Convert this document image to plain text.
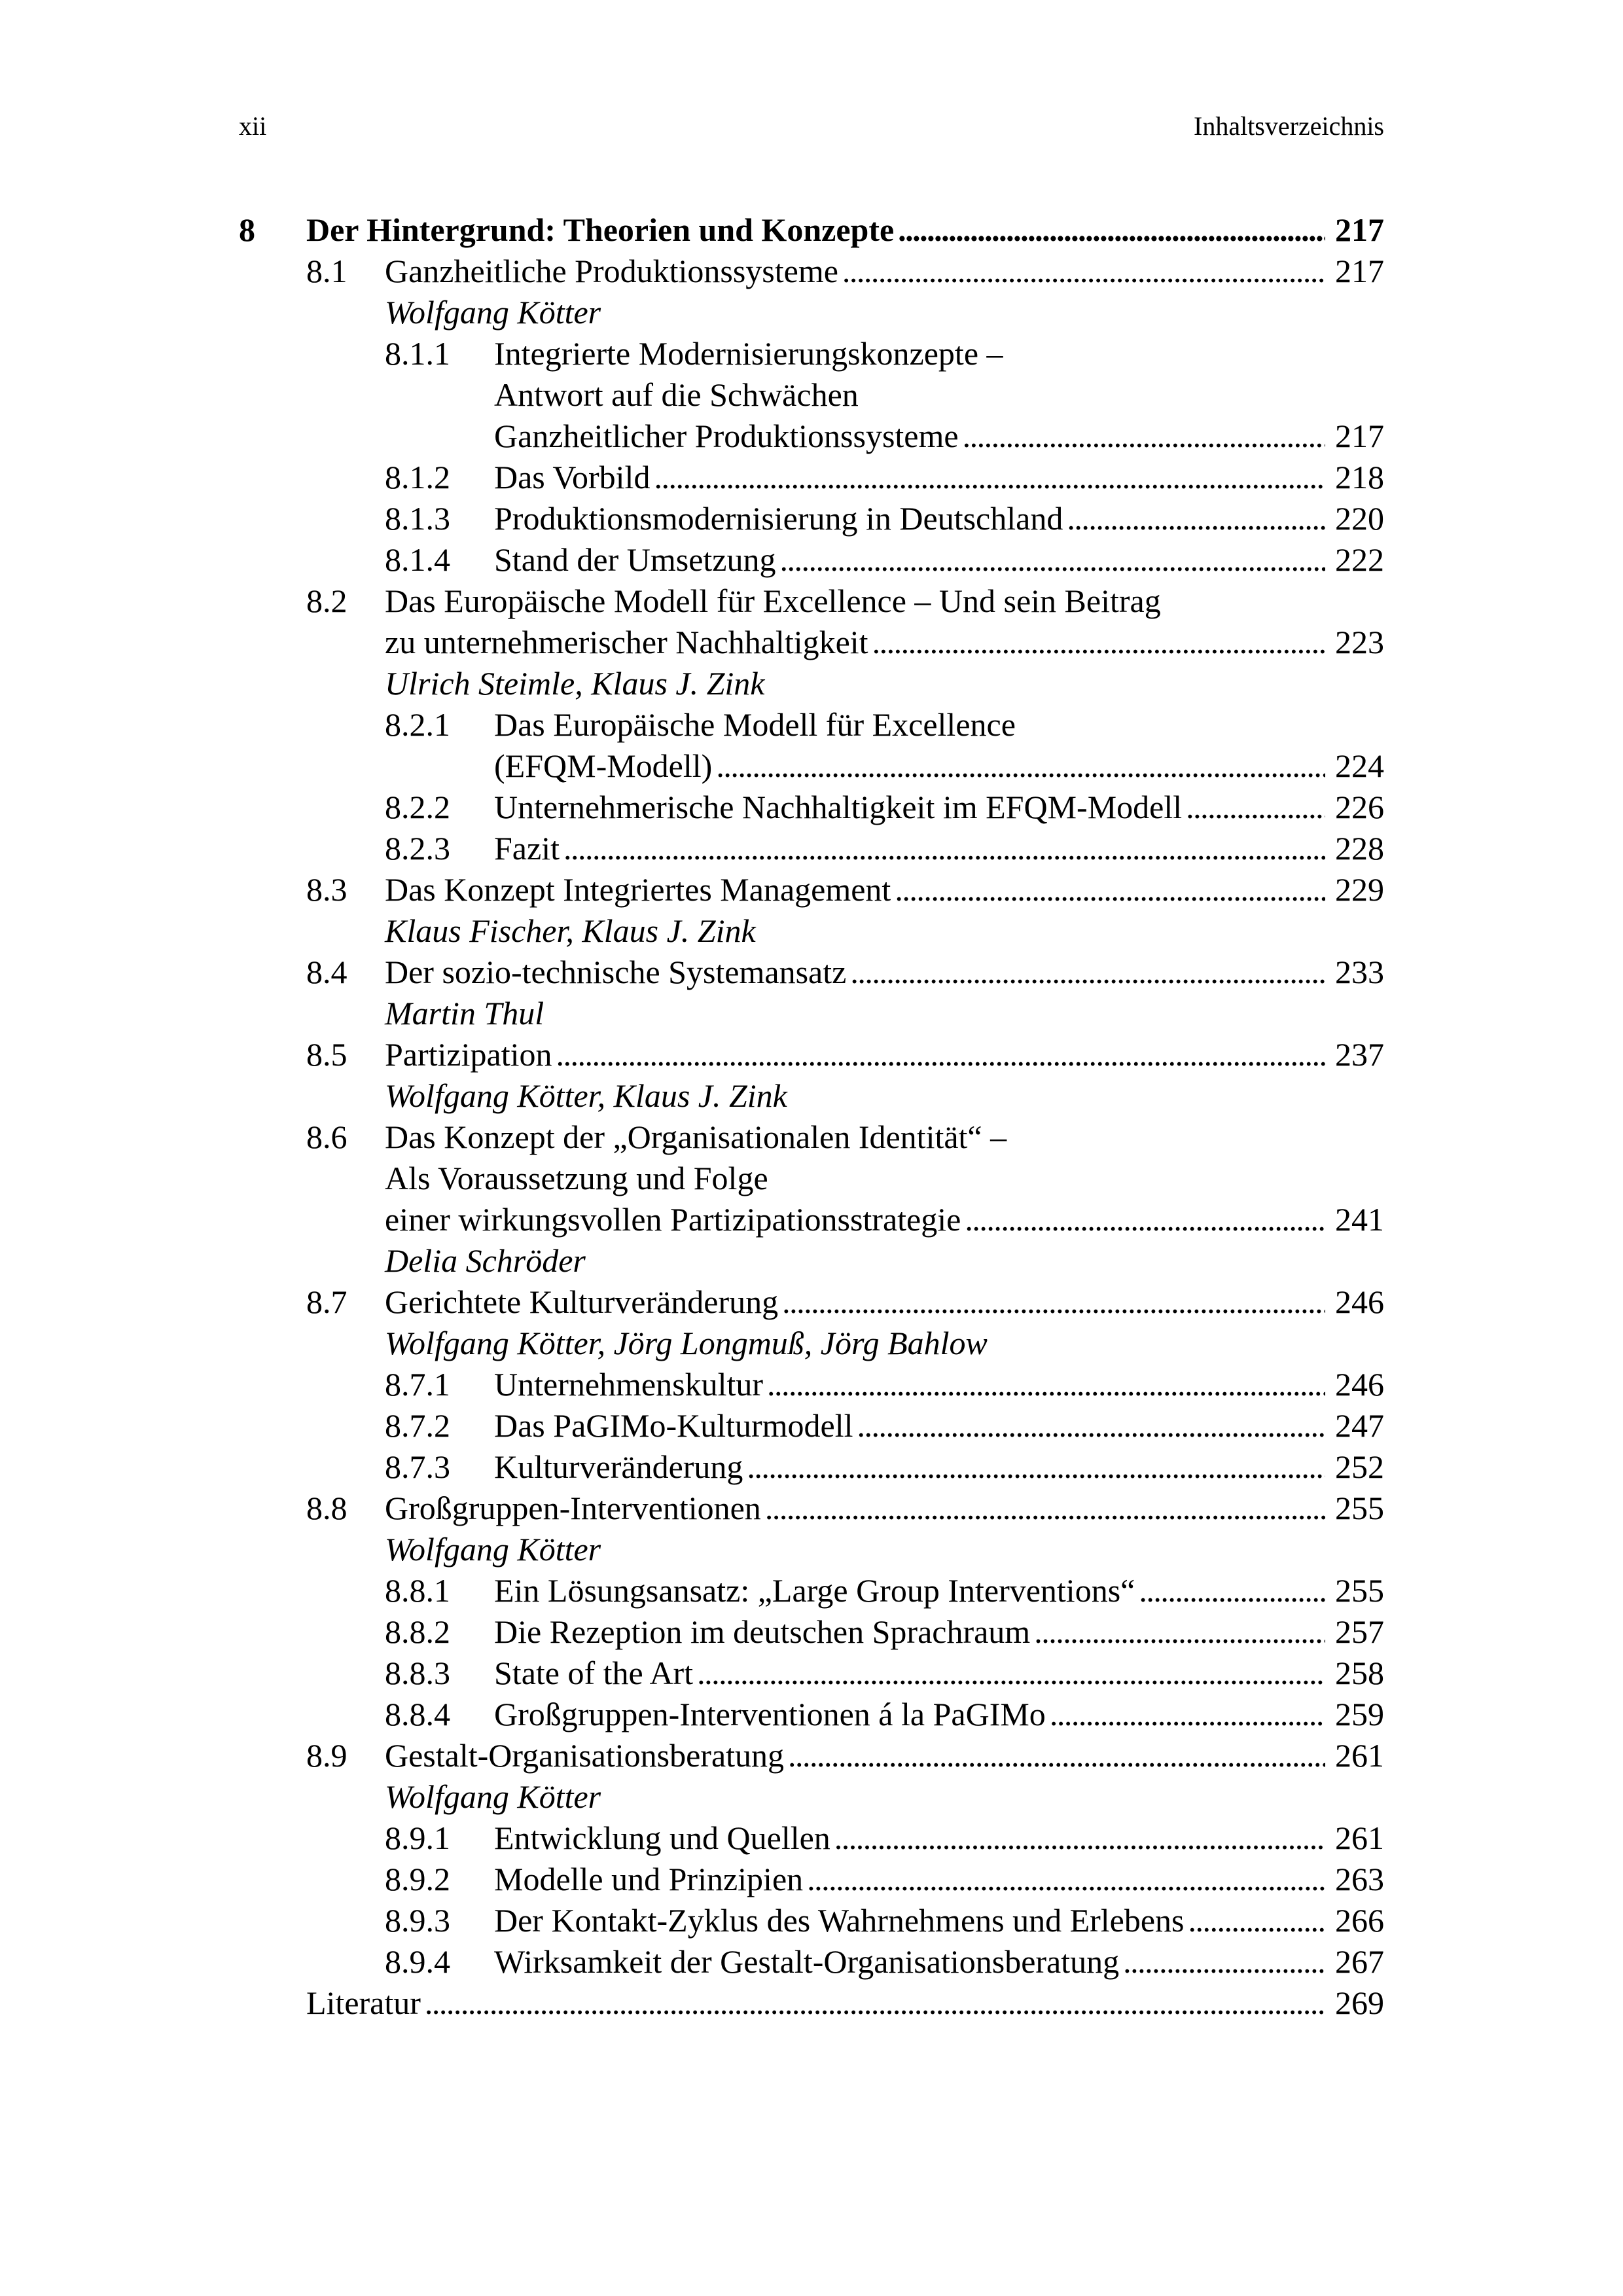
xii	Inhaltsverzeichnis
8 Der Hintergrund: Theorien und Konzepte . . .	217
8.1 Ganzheitliche Produktionssysteme . . .	217
Wolfgang Kötter
8.1.1 Integrierte Modernisierungskonzepte –
Antwort auf die Schwächen
Ganzheitlicher Produktionssysteme . . .	217
8.1.2 Das Vorbild . . .	218
8.1.3 Produktionsmodernisierung in Deutschland . . .	220
8.1.4 Stand der Umsetzung . . .	222
8.2 Das Europäische Modell für Excellence – Und sein Beitrag
zu unternehmerischer Nachhaltigkeit . . .	223
Ulrich Steimle, Klaus J. Zink
8.2.1 Das Europäische Modell für Excellence
(EFQM-Modell) . . .	224
8.2.2 Unternehmerische Nachhaltigkeit im EFQM-Modell . . .	226
8.2.3 Fazit . . .	228
8.3 Das Konzept Integriertes Management . . .	229
Klaus Fischer, Klaus J. Zink
8.4 Der sozio-technische Systemansatz . . .	233
Martin Thul
8.5 Partizipation . . .	237
Wolfgang Kötter, Klaus J. Zink
8.6 Das Konzept der „Organisationalen Identität“ –
Als Voraussetzung und Folge
einer wirkungsvollen Partizipationsstrategie . . .	241
Delia Schröder
8.7 Gerichtete Kulturveränderung . . .	246
Wolfgang Kötter, Jörg Longmuß, Jörg Bahlow
8.7.1 Unternehmenskultur . . .	246
8.7.2 Das PaGIMo-Kulturmodell . . .	247
8.7.3 Kulturveränderung . . .	252
8.8 Großgruppen-Interventionen . . .	255
Wolfgang Kötter
8.8.1 Ein Lösungsansatz: „Large Group Interventions“ . . .	255
8.8.2 Die Rezeption im deutschen Sprachraum . . .	257
8.8.3 State of the Art . . .	258
8.8.4 Großgruppen-Interventionen á la PaGIMo . . .	259
8.9 Gestalt-Organisationsberatung . . .	261
Wolfgang Kötter
8.9.1 Entwicklung und Quellen . . .	261
8.9.2 Modelle und Prinzipien . . .	263
8.9.3 Der Kontakt-Zyklus des Wahrnehmens und Erlebens . . .	266
8.9.4 Wirksamkeit der Gestalt-Organisationsberatung . . .	267
Literatur . . .	269
